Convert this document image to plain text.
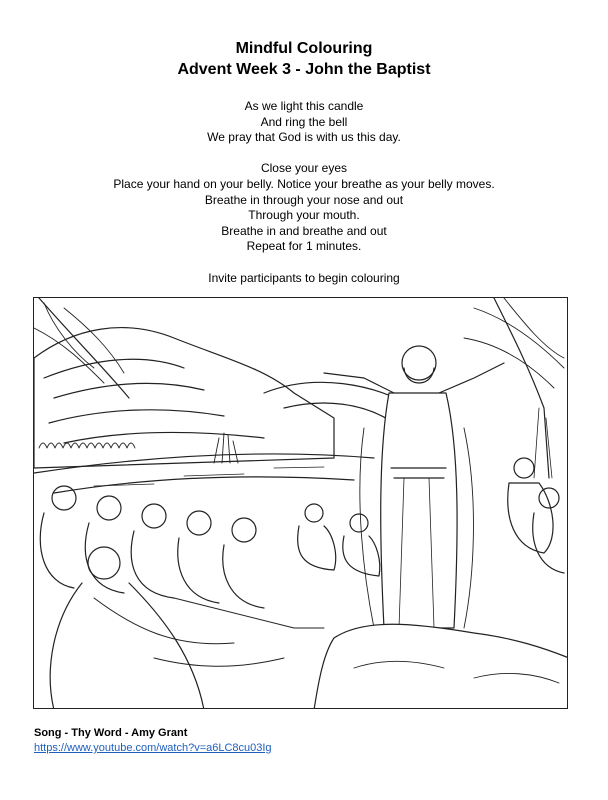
Mindful Colouring
Advent Week 3 - John the Baptist
As we light this candle
And ring the bell
We pray that God is with us this day.
Close your eyes
Place your hand on your belly. Notice your breathe as your belly moves.
Breathe in through your nose and out
Through your mouth.
Breathe in and breathe and out
Repeat for 1 minutes.
Invite participants to begin colouring
Song - Thy Word - Amy Grant
https://www.youtube.com/watch?v=a6LC8cu03Ig
